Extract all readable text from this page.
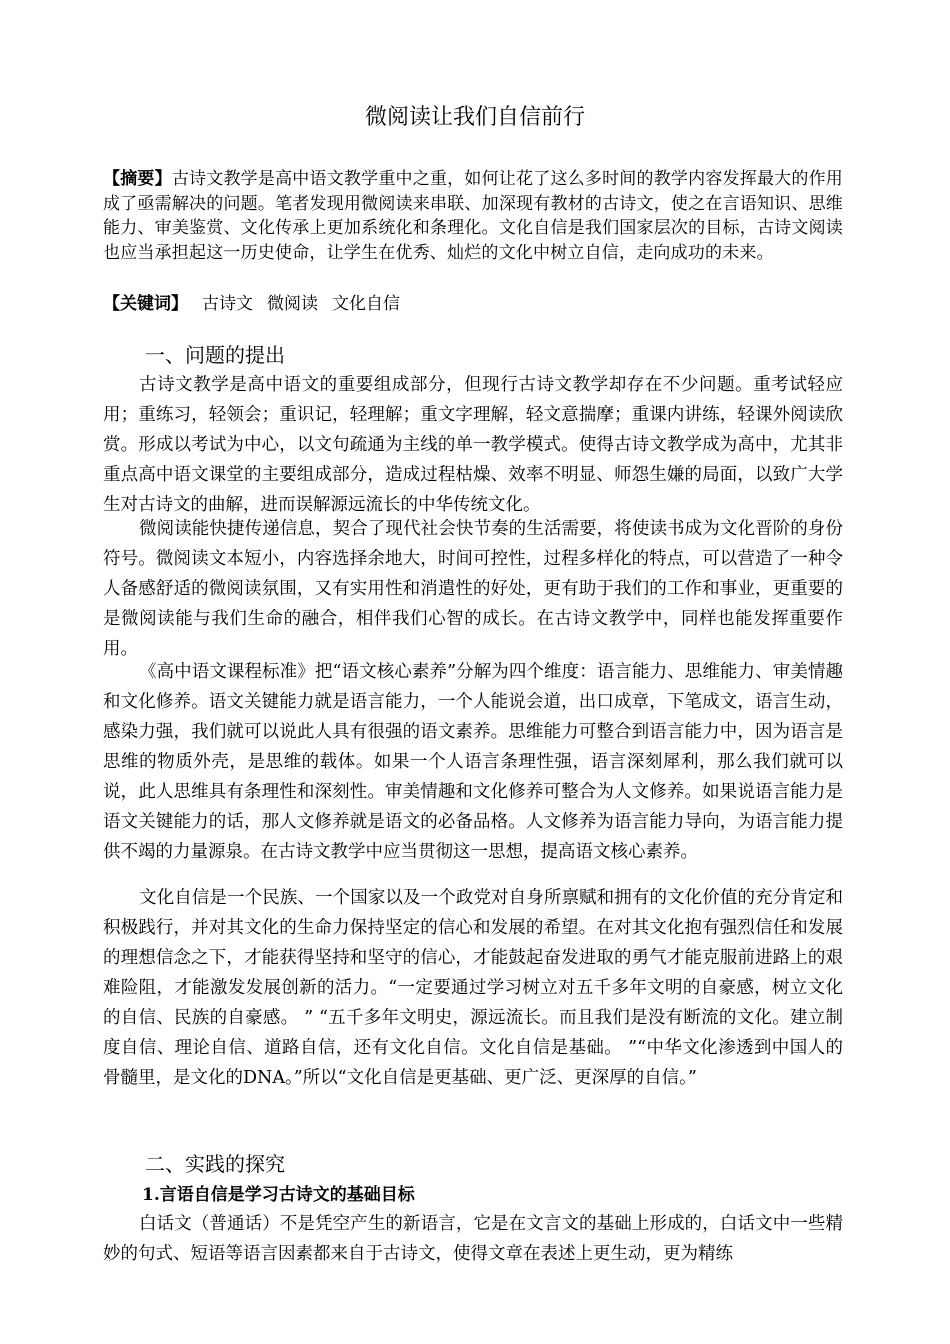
微阅读让我们自信前行
【摘要】古诗文教学是高中语文教学重中之重，如何让花了这么多时间的教学内容发挥最大的作用成了亟需解决的问题。笔者发现用微阅读来串联、加深现有教材的古诗文，使之在言语知识、思维能力、审美鉴赏、文化传承上更加系统化和条理化。文化自信是我们国家层次的目标，古诗文阅读也应当承担起这一历史使命，让学生在优秀、灿烂的文化中树立自信，走向成功的未来。
【关键词】 古诗文 微阅读 文化自信
一、问题的提出

古诗文教学是高中语文的重要组成部分，但现行古诗文教学却存在不少问题。重考试轻应用；重练习，轻领会；重识记，轻理解；重文字理解，轻文意揣摩；重课内讲练，轻课外阅读欣赏。形成以考试为中心，以文句疏通为主线的单一教学模式。使得古诗文教学成为高中，尤其非重点高中语文课堂的主要组成部分，造成过程枯燥、效率不明显、师怨生嫌的局面，以致广大学生对古诗文的曲解，进而误解源远流长的中华传统文化。

微阅读能快捷传递信息，契合了现代社会快节奏的生活需要，将使读书成为文化晋阶的身份符号。微阅读文本短小，内容选择余地大，时间可控性，过程多样化的特点，可以营造了一种令人备感舒适的微阅读氛围，又有实用性和消遣性的好处，更有助于我们的工作和事业，更重要的是微阅读能与我们生命的融合，相伴我们心智的成长。在古诗文教学中，同样也能发挥重要作用。

《高中语文课程标准》把“语文核心素养”分解为四个维度：语言能力、思维能力、审美情趣和文化修养。语文关键能力就是语言能力，一个人能说会道，出口成章，下笔成文，语言生动，感染力强，我们就可以说此人具有很强的语文素养。思维能力可整合到语言能力中，因为语言是思维的物质外壳，是思维的载体。如果一个人语言条理性强，语言深刻犀利，那么我们就可以说，此人思维具有条理性和深刻性。审美情趣和文化修养可整合为人文修养。如果说语言能力是语文关键能力的话，那人文修养就是语文的必备品格。人文修养为语言能力导向，为语言能力提供不竭的力量源泉。在古诗文教学中应当贯彻这一思想，提高语文核心素养。

文化自信是一个民族、一个国家以及一个政党对自身所禀赋和拥有的文化价值的充分肯定和积极践行，并对其文化的生命力保持坚定的信心和发展的希望。在对其文化抱有强烈信任和发展的理想信念之下，才能获得坚持和坚守的信心，才能鼓起奋发进取的勇气才能克服前进路上的艰难险阻，才能激发发展创新的活力。“一定要通过学习树立对五千多年文明的自豪感，树立文化的自信、民族的自豪感。 ” “五千多年文明史，源远流长。而且我们是没有断流的文化。建立制度自信、理论自信、道路自信，还有文化自信。文化自信是基础。 ”“中华文化渗透到中国人的骨髓里，是文化的DNA。”所以“文化自信是更基础、更广泛、更深厚的自信。”

二、实践的探究
1.言语自信是学习古诗文的基础目标

白话文（普通话）不是凭空产生的新语言，它是在文言文的基础上形成的，白话文中一些精妙的句式、短语等语言因素都来自于古诗文，使得文章在表述上更生动，更为精练
